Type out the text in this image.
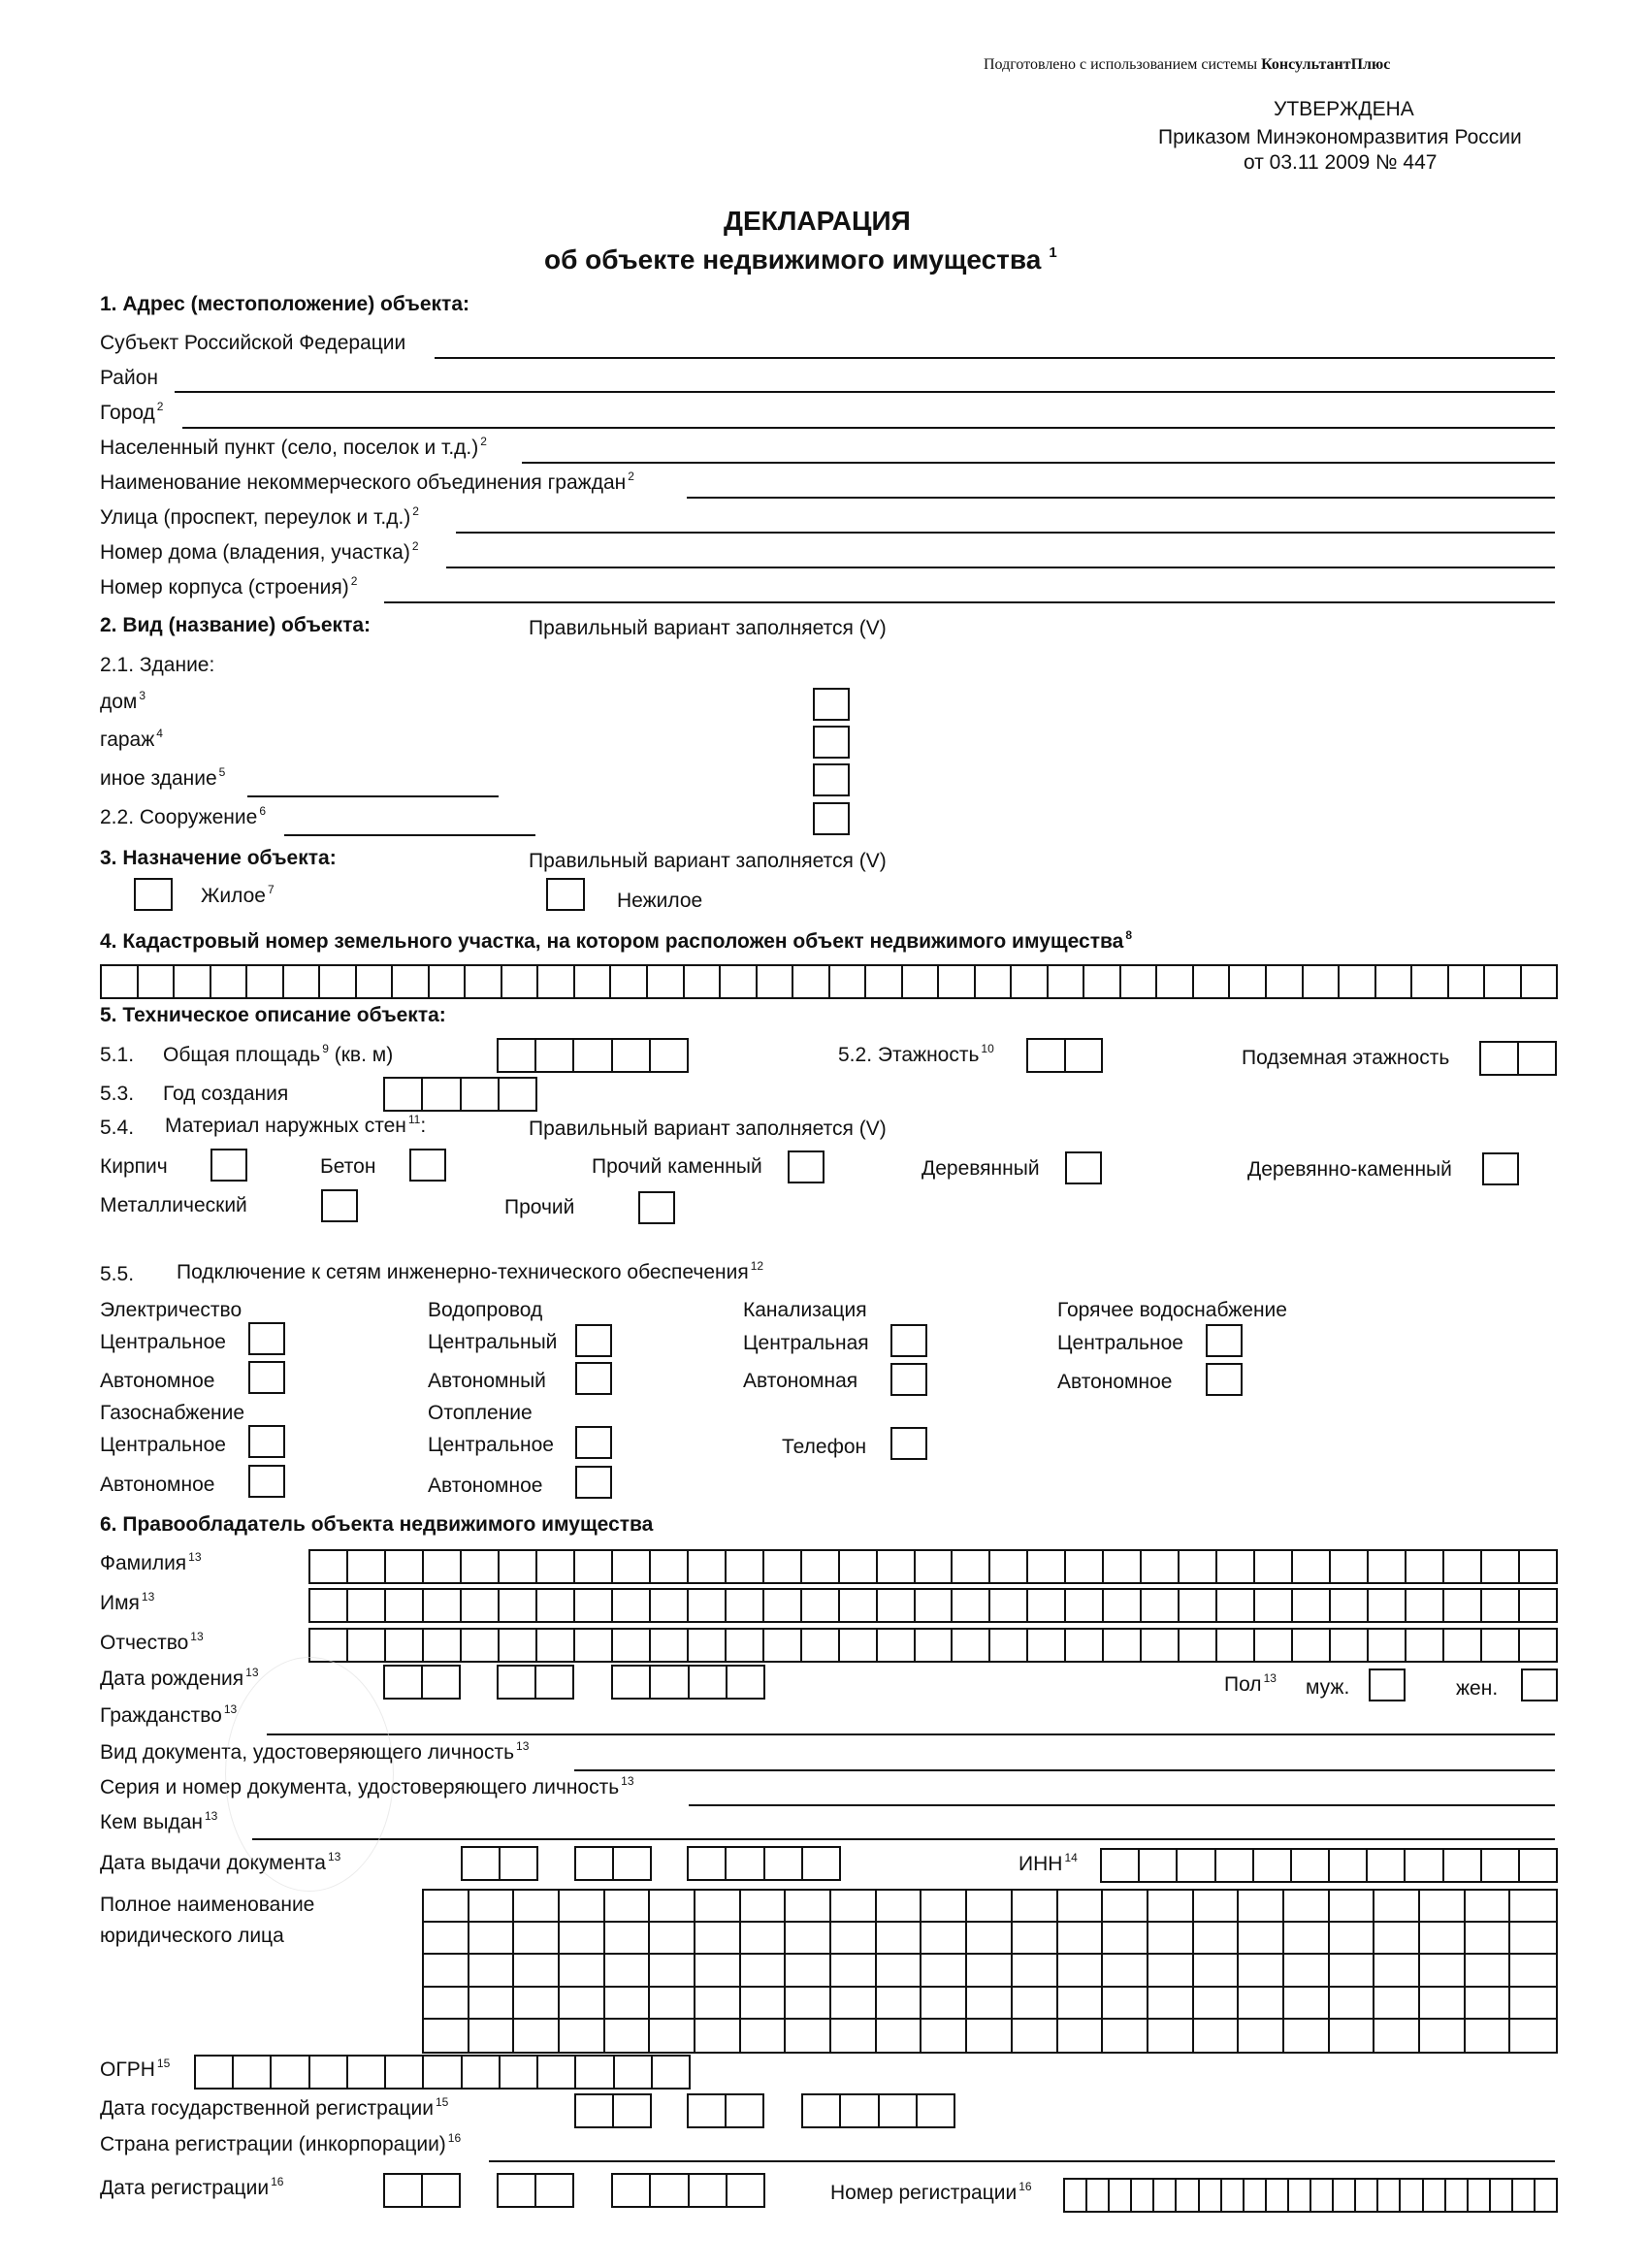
Подготовлено с использованием системы КонсультантПлюс
УТВЕРЖДЕНА
Приказом Минэкономразвития России
от 03.11 2009 № 447
ДЕКЛАРАЦИЯ
об объекте недвижимого имущества $^1$
1. Адрес (местоположение) объекта:
Субъект Российской Федерации
Район
Город $^2$
Населенный пункт (село, поселок и т.д.) $^2$
Наименование некоммерческого объединения граждан $^2$
Улица (проспект, переулок и т.д.) $^2$
Номер дома (владения, участка) $^2$
Номер корпуса (строения) $^2$
2. Вид (название) объекта:	Правильный вариант заполняется (V)
2.1. Здание:
дом $^3$
гараж $^4$
иное здание $^5$
2.2. Сооружение $^6$
3. Назначение объекта:	Правильный вариант заполняется (V)
Жилое $^7$	Нежилое
4. Кадастровый номер земельного участка, на котором расположен объект недвижимого имущества $^8$
5. Техническое описание объекта:
5.1. Общая площадь $^9$ (кв. м)	5.2. Этажность $^{10}$	Подземная этажность
5.3. Год создания
5.4. Материал наружных стен $^{11}$:	Правильный вариант заполняется (V)
Кирпич	Бетон	Прочий каменный	Деревянный	Деревянно-каменный
Металлический	Прочий
5.5. Подключение к сетям инженерно-технического обеспечения $^{12}$
Электричество	Водопровод	Канализация	Горячее водоснабжение
Центральное	Центральный	Центральная	Центральное
Автономное	Автономный	Автономная	Автономное
Газоснабжение	Отопление
Центральное	Центральное	Телефон
Автономное	Автономное
6. Правообладатель объекта недвижимого имущества
Фамилия $^{13}$
Имя $^{13}$
Отчество $^{13}$
Дата рождения $^{13}$
Пол $^{13}$ муж.	жен.
Гражданство $^{13}$
Вид документа, удостоверяющего личность $^{13}$
Серия и номер документа, удостоверяющего личность $^{13}$
Кем выдан $^{13}$
Дата выдачи документа $^{13}$	ИНН $^{14}$
Полное наименование
юридического лица
ОГРН $^{15}$
Дата государственной регистрации $^{15}$
Страна регистрации (инкорпорации) $^{16}$
Дата регистрации $^{16}$	Номер регистрации $^{16}$
